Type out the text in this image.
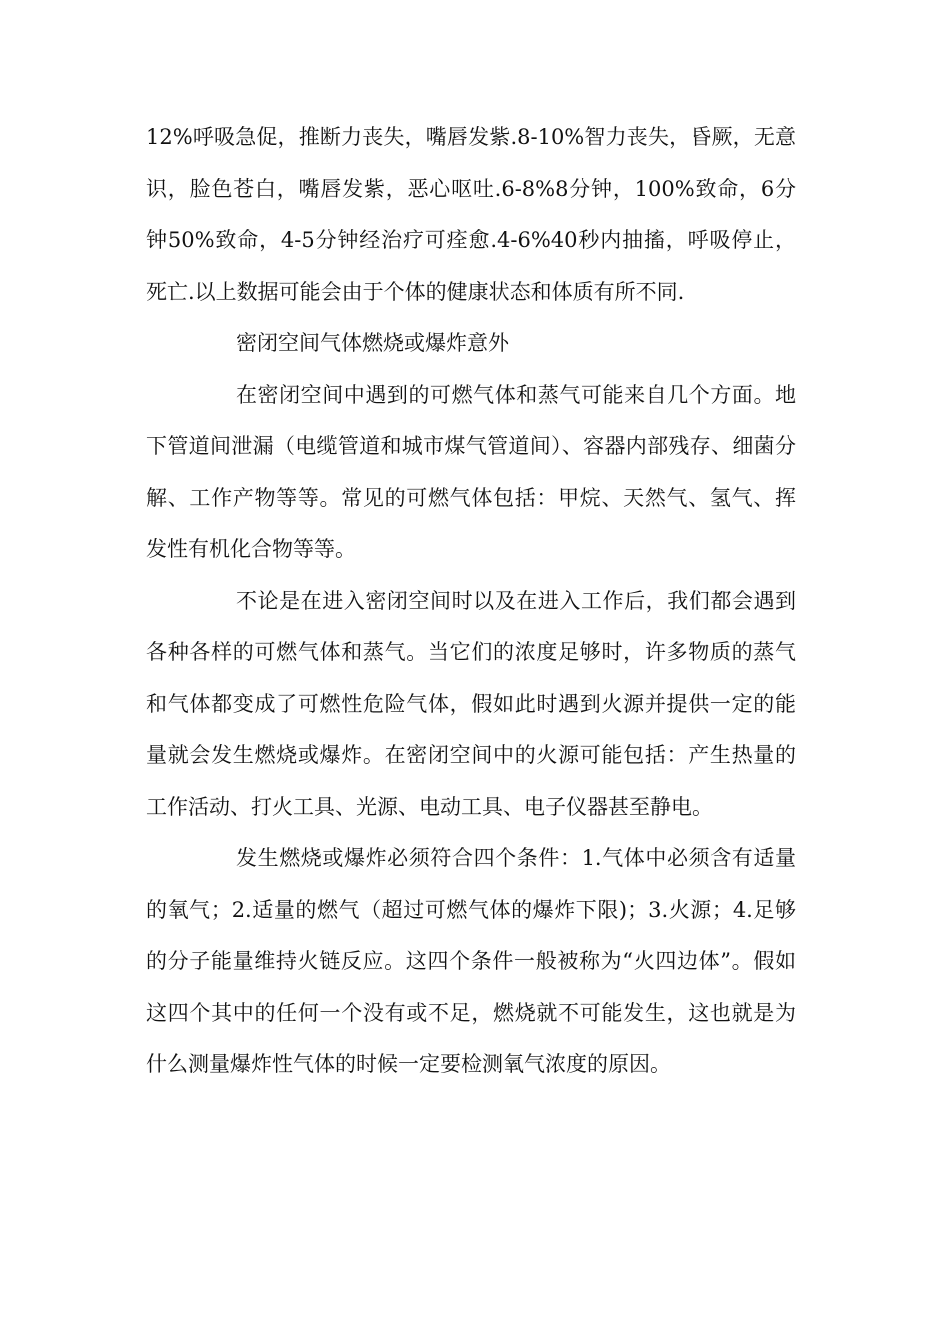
12%呼吸急促，推断力丧失，嘴唇发紫.8-10%智力丧失，昏厥，无意识，脸色苍白，嘴唇发紫，恶心呕吐.6-8%8分钟，100%致命，6分钟50%致命，4-5分钟经治疗可痊愈.4-6%40秒内抽搐，呼吸停止，死亡.以上数据可能会由于个体的健康状态和体质有所不同.

密闭空间气体燃烧或爆炸意外

在密闭空间中遇到的可燃气体和蒸气可能来自几个方面。地下管道间泄漏（电缆管道和城市煤气管道间）、容器内部残存、细菌分解、工作产物等等。常见的可燃气体包括：甲烷、天然气、氢气、挥发性有机化合物等等。

不论是在进入密闭空间时以及在进入工作后，我们都会遇到各种各样的可燃气体和蒸气。当它们的浓度足够时，许多物质的蒸气和气体都变成了可燃性危险气体，假如此时遇到火源并提供一定的能量就会发生燃烧或爆炸。在密闭空间中的火源可能包括：产生热量的工作活动、打火工具、光源、电动工具、电子仪器甚至静电。

发生燃烧或爆炸必须符合四个条件：1.气体中必须含有适量的氧气；2.适量的燃气（超过可燃气体的爆炸下限)；3.火源；4.足够的分子能量维持火链反应。这四个条件一般被称为“火四边体”。假如这四个其中的任何一个没有或不足，燃烧就不可能发生，这也就是为什么测量爆炸性气体的时候一定要检测氧气浓度的原因。
